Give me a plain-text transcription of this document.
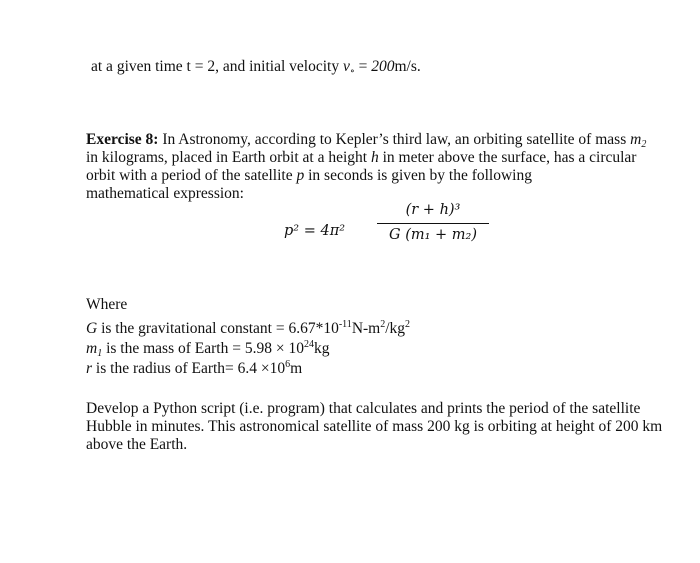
at a given time t = 2, and initial velocity $v_\circ = 200m/s$.
Exercise 8: In Astronomy, according to Kepler’s third law, an orbiting satellite of mass $m_2$
in kilograms, placed in Earth orbit at a height h in meter above the surface, has a circular
orbit with a period of the satellite p in seconds is given by the following
mathematical expression:
p² = 4π²
(r + h)³
G (m₁ + m₂)
Where
G is the gravitational constant = $6.67*10^{-11}N-m^2/kg^2$
$m_1$ is the mass of Earth = $5.98 \times 10^{24}kg$
r is the radius of Earth= $6.4 \times 10^6m$
Develop a Python script (i.e. program) that calculates and prints the period of the satellite
Hubble in minutes. This astronomical satellite of mass 200 kg is orbiting at height of 200 km
above the Earth.
